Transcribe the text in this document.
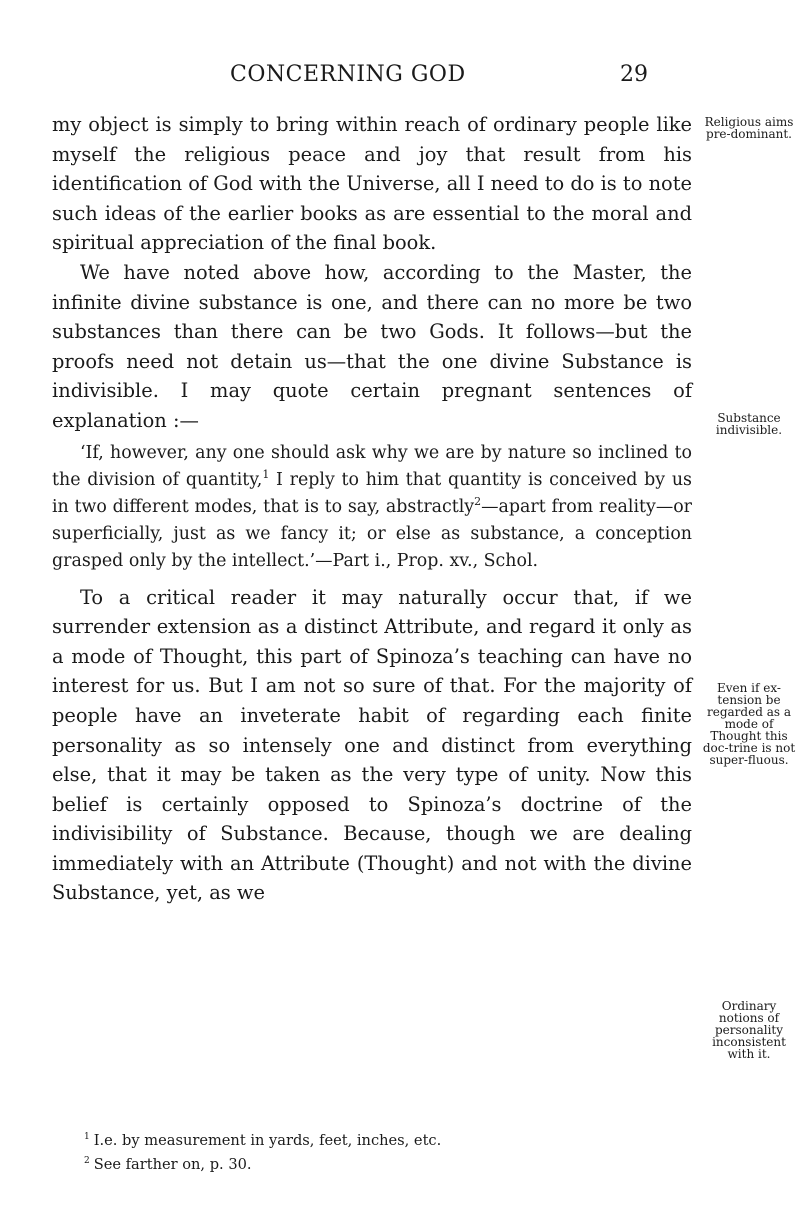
CONCERNING GOD	29

my object is simply to bring within reach of ordinary people like myself the religious peace and joy that result from his identification of God with the Universe, all I need to do is to note such ideas of the earlier books as are essential to the moral and spiritual appreciation of the final book.

We have noted above how, according to the Master, the infinite divine substance is one, and there can no more be two substances than there can be two Gods. It follows—but the proofs need not detain us—that the one divine Substance is indivisible. I may quote certain pregnant sentences of explanation :—

‘If, however, any one should ask why we are by nature so inclined to the division of quantity,$^1$ I reply to him that quantity is conceived by us in two different modes, that is to say, abstractly$^2$—apart from reality—or superficially, just as we fancy it; or else as substance, a conception grasped only by the intellect.’—Part i., Prop. xv., Schol.

To a critical reader it may naturally occur that, if we surrender extension as a distinct Attribute, and regard it only as a mode of Thought, this part of Spinoza’s teaching can have no interest for us. But I am not so sure of that. For the majority of people have an inveterate habit of regarding each finite personality as so intensely one and distinct from everything else, that it may be taken as the very type of unity. Now this belief is certainly opposed to Spinoza’s doctrine of the indivisibility of Substance. Because, though we are dealing immediately with an Attribute (Thought) and not with the divine Substance, yet, as we

Religious aims pre-dominant.
Substance indivisible.
Even if ex-tension be regarded as a mode of Thought this doc-trine is not super-fluous.
Ordinary notions of personality inconsistent with it.
$^1$ I.e. by measurement in yards, feet, inches, etc.
$^2$ See farther on, p. 30.
